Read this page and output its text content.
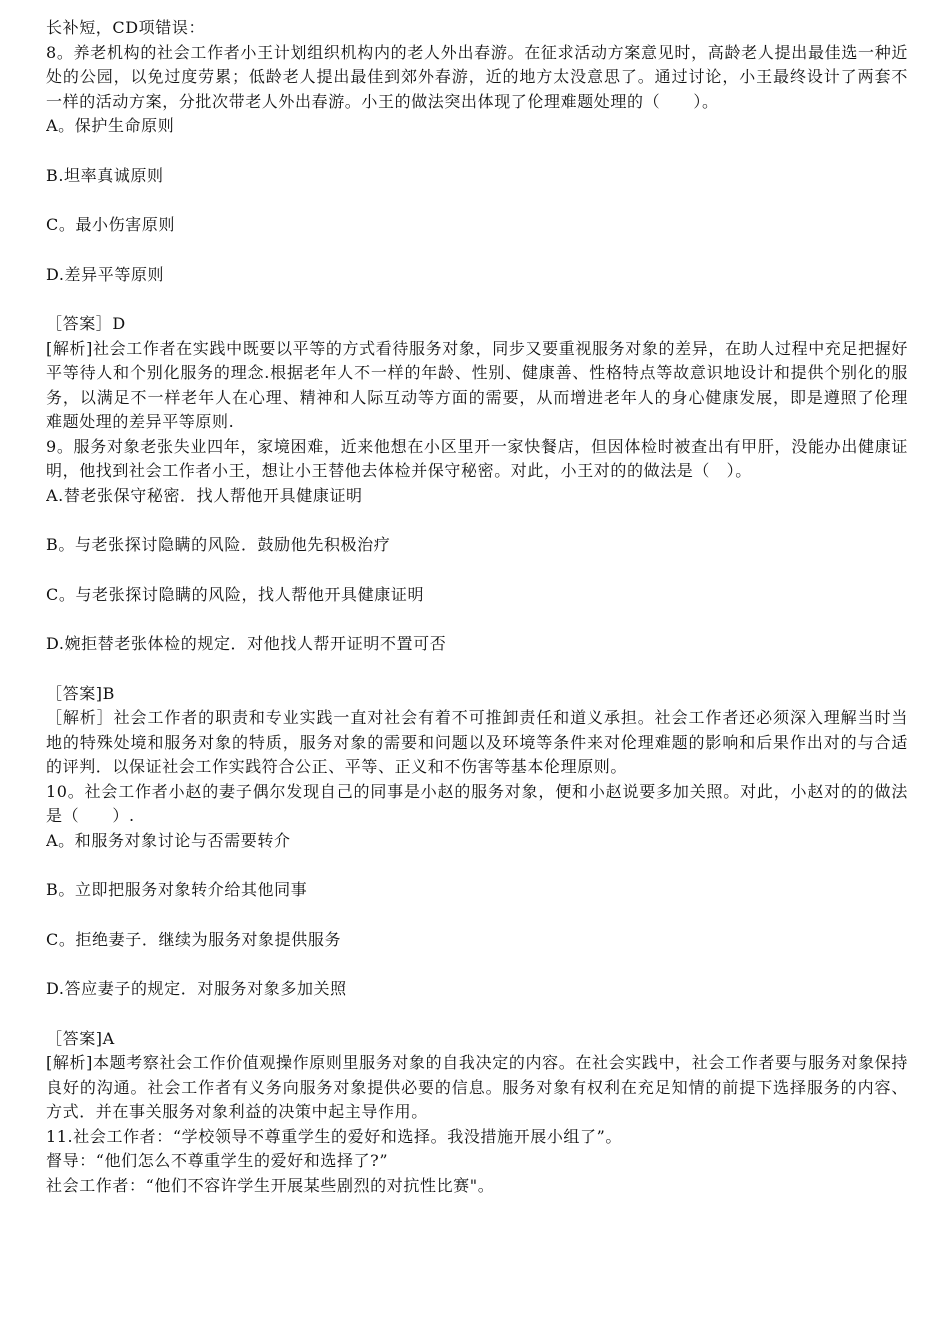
长补短，CD项错误：
8。养老机构的社会工作者小王计划组织机构内的老人外出春游。在征求活动方案意见时，高龄老人提出最佳选一种近处的公园，以免过度劳累；低龄老人提出最佳到郊外春游，近的地方太没意思了。通过讨论，小王最终设计了两套不一样的活动方案，分批次带老人外出春游。小王的做法突出体现了伦理难题处理的（　　）。
A。保护生命原则
B.坦率真诚原则
C。最小伤害原则
D.差异平等原则
［答案］D
[解析]社会工作者在实践中既要以平等的方式看待服务对象，同步又要重视服务对象的差异，在助人过程中充足把握好平等待人和个别化服务的理念.根据老年人不一样的年龄、性别、健康善、性格特点等故意识地设计和提供个别化的服务，以满足不一样老年人在心理、精神和人际互动等方面的需要，从而增进老年人的身心健康发展，即是遵照了伦理难题处理的差异平等原则.
9。服务对象老张失业四年，家境困难，近来他想在小区里开一家快餐店，但因体检时被查出有甲肝，没能办出健康证明，他找到社会工作者小王，想让小王替他去体检并保守秘密。对此，小王对的的做法是（　）。
A.替老张保守秘密．找人帮他开具健康证明
B。与老张探讨隐瞒的风险．鼓励他先积极治疗
C。与老张探讨隐瞒的风险，找人帮他开具健康证明
D.婉拒替老张体检的规定．对他找人帮开证明不置可否
［答案]B
［解析］社会工作者的职责和专业实践一直对社会有着不可推卸责任和道义承担。社会工作者还必须深入理解当时当地的特殊处境和服务对象的特质，服务对象的需要和问题以及环境等条件来对伦理难题的影响和后果作出对的与合适的评判．以保证社会工作实践符合公正、平等、正义和不伤害等基本伦理原则。
10。社会工作者小赵的妻子偶尔发现自己的同事是小赵的服务对象，便和小赵说要多加关照。对此，小赵对的的做法是（　　）.
A。和服务对象讨论与否需要转介
B。立即把服务对象转介给其他同事
C。拒绝妻子．继续为服务对象提供服务
D.答应妻子的规定．对服务对象多加关照
［答案]A
[解析]本题考察社会工作价值观操作原则里服务对象的自我决定的内容。在社会实践中，社会工作者要与服务对象保持良好的沟通。社会工作者有义务向服务对象提供必要的信息。服务对象有权利在充足知情的前提下选择服务的内容、方式．并在事关服务对象利益的决策中起主导作用。
11.社会工作者：“学校领导不尊重学生的爱好和选择。我没措施开展小组了”。
督导：“他们怎么不尊重学生的爱好和选择了?”
社会工作者：“他们不容许学生开展某些剧烈的对抗性比赛"。
